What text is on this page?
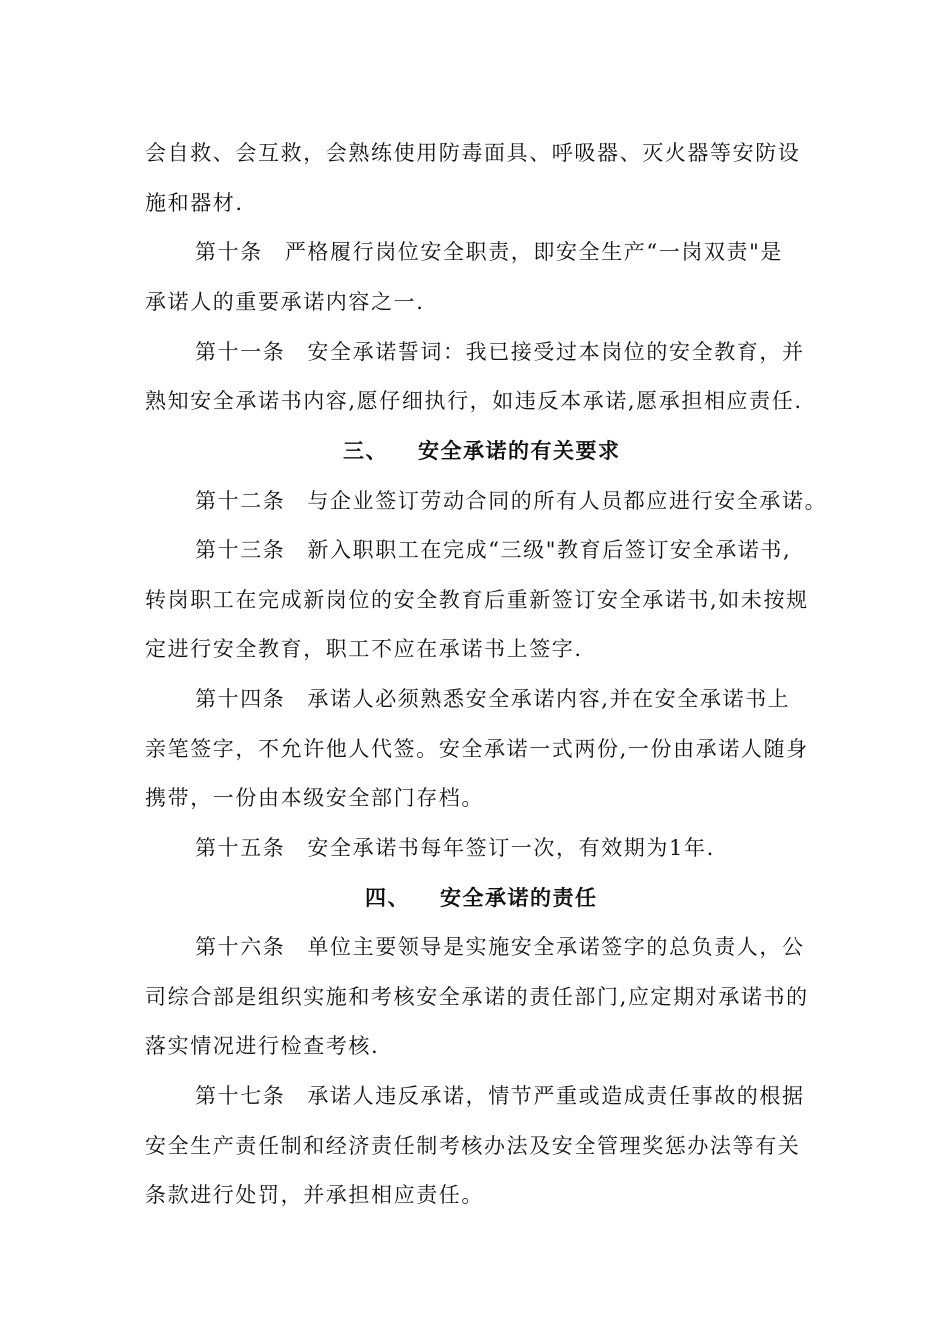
会自救、会互救，会熟练使用防毒面具、呼吸器、灭火器等安防设
施和器材.
第十条 严格履行岗位安全职责，即安全生产“一岗双责"是
承诺人的重要承诺内容之一.
第十一条 安全承诺誓词：我已接受过本岗位的安全教育，并
熟知安全承诺书内容,愿仔细执行，如违反本承诺,愿承担相应责任.
三、 安全承诺的有关要求
第十二条 与企业签订劳动合同的所有人员都应进行安全承诺。
第十三条 新入职职工在完成“三级"教育后签订安全承诺书,
转岗职工在完成新岗位的安全教育后重新签订安全承诺书,如未按规
定进行安全教育，职工不应在承诺书上签字.
第十四条 承诺人必须熟悉安全承诺内容,并在安全承诺书上
亲笔签字，不允许他人代签。安全承诺一式两份,一份由承诺人随身
携带，一份由本级安全部门存档。
第十五条 安全承诺书每年签订一次，有效期为1年.
四、 安全承诺的责任
第十六条 单位主要领导是实施安全承诺签字的总负责人，公
司综合部是组织实施和考核安全承诺的责任部门,应定期对承诺书的
落实情况进行检查考核.
第十七条 承诺人违反承诺，情节严重或造成责任事故的根据
安全生产责任制和经济责任制考核办法及安全管理奖惩办法等有关
条款进行处罚，并承担相应责任。
